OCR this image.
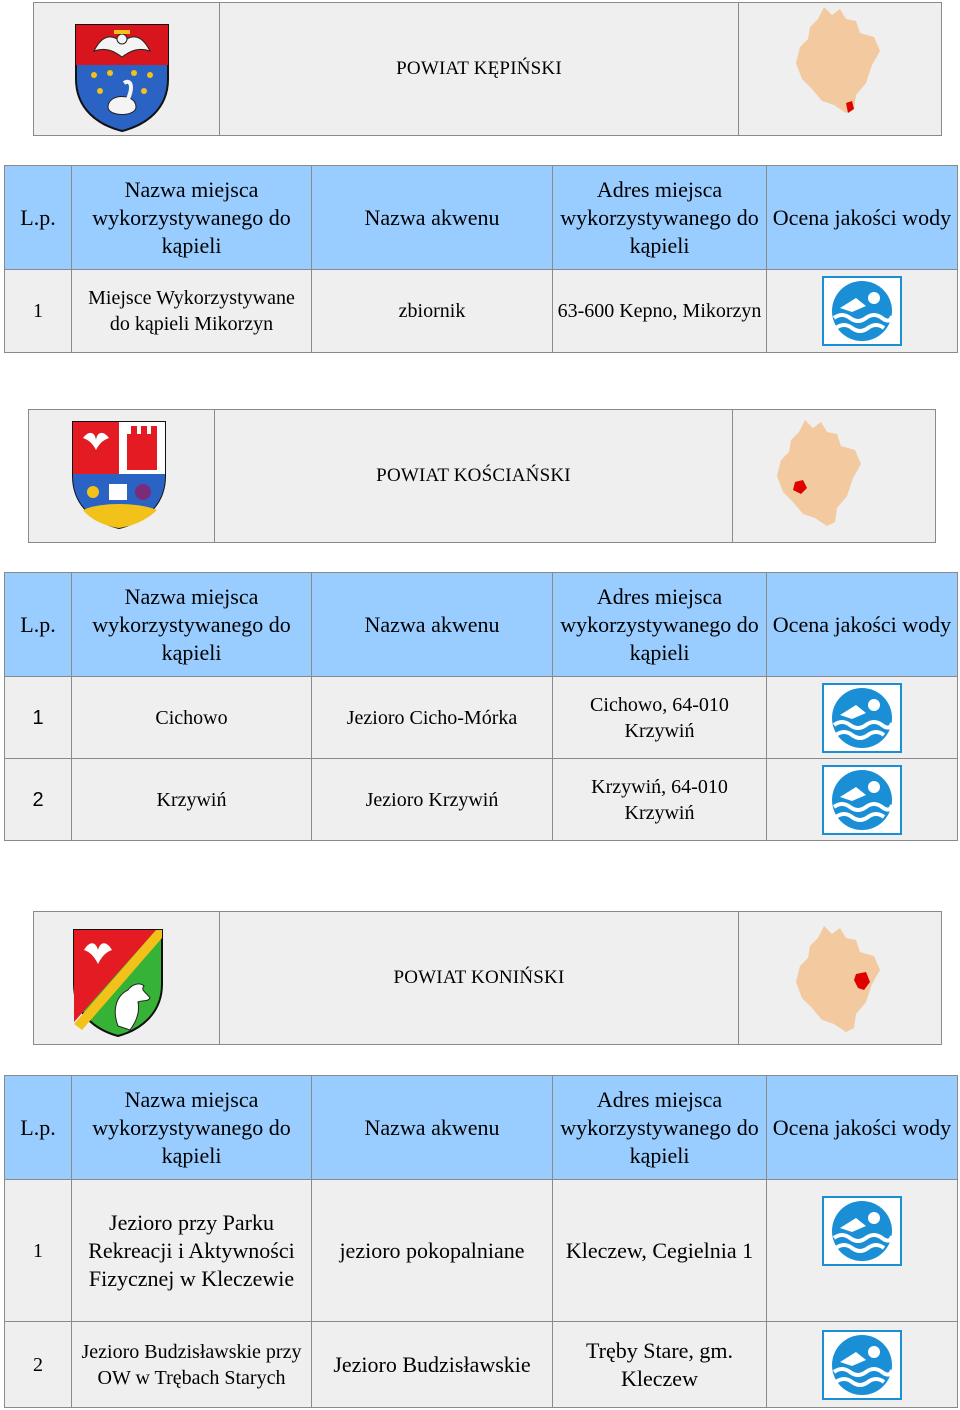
POWIAT KĘPIŃSKI
L.p.	Nazwa miejsca wykorzystywanego do kąpieli	Nazwa akwenu	Adres miejsca wykorzystywanego do kąpieli	Ocena jakości wody
1	Miejsce Wykorzystywane do kąpieli Mikorzyn	zbiornik	63-600 Kepno, Mikorzyn	
POWIAT KOŚCIAŃSKI
L.p.	Nazwa miejsca wykorzystywanego do kąpieli	Nazwa akwenu	Adres miejsca wykorzystywanego do kąpieli	Ocena jakości wody
1	Cichowo	Jezioro Cicho-Mórka	Cichowo, 64-010 Krzywiń	

2	Krzywiń	Jezioro Krzywiń	Krzywiń, 64-010 Krzywiń	
POWIAT KONIŃSKI
L.p.	Nazwa miejsca wykorzystywanego do kąpieli	Nazwa akwenu	Adres miejsca wykorzystywanego do kąpieli	Ocena jakości wody
1	Jezioro przy Parku Rekreacji i Aktywności Fizycznej w Kleczewie	jezioro pokopalniane	Kleczew, Cegielnia 1	

2	Jezioro Budzisławskie przy OW w Trębach Starych	Jezioro Budzisławskie	Tręby Stare, gm. Kleczew	
